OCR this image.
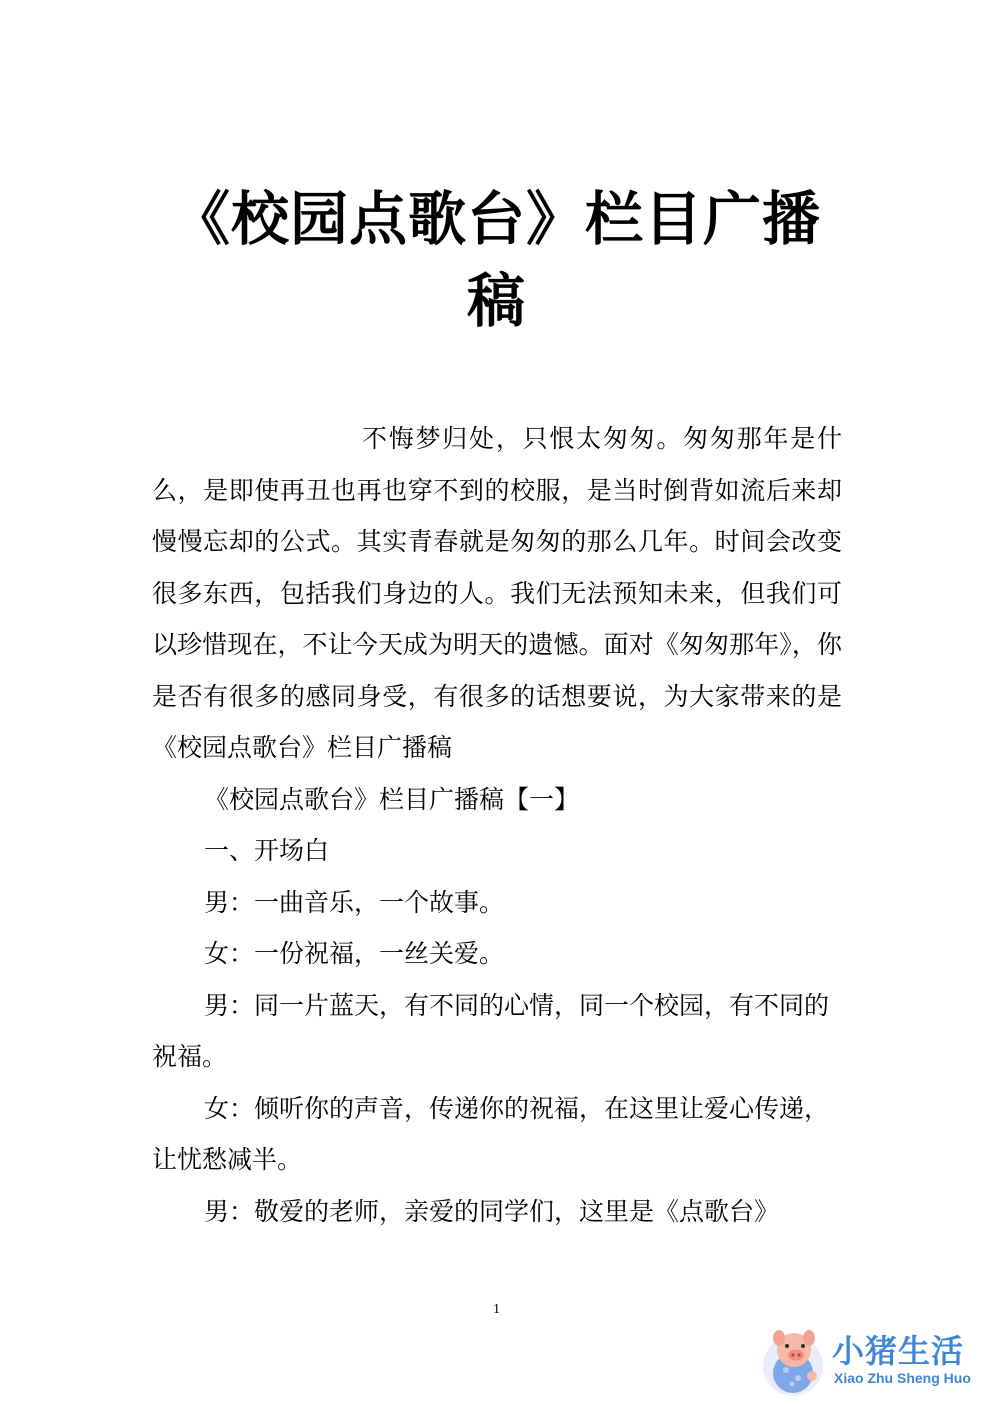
《校园点歌台》栏目广播稿

不悔梦归处，只恨太匆匆。匆匆那年是什么，是即使再丑也再也穿不到的校服，是当时倒背如流后来却慢慢忘却的公式。其实青春就是匆匆的那么几年。时间会改变很多东西，包括我们身边的人。我们无法预知未来，但我们可以珍惜现在，不让今天成为明天的遗憾。面对《匆匆那年》，你是否有很多的感同身受，有很多的话想要说，为大家带来的是《校园点歌台》栏目广播稿

《校园点歌台》栏目广播稿【一】

一、开场白

男：一曲音乐，一个故事。

女：一份祝福，一丝关爱。

男：同一片蓝天，有不同的心情，同一个校园，有不同的祝福。

女：倾听你的声音，传递你的祝福，在这里让爱心传递，让忧愁减半。

男：敬爱的老师，亲爱的同学们，这里是《点歌台》

1
小猪生活
Xiao Zhu Sheng Huo
